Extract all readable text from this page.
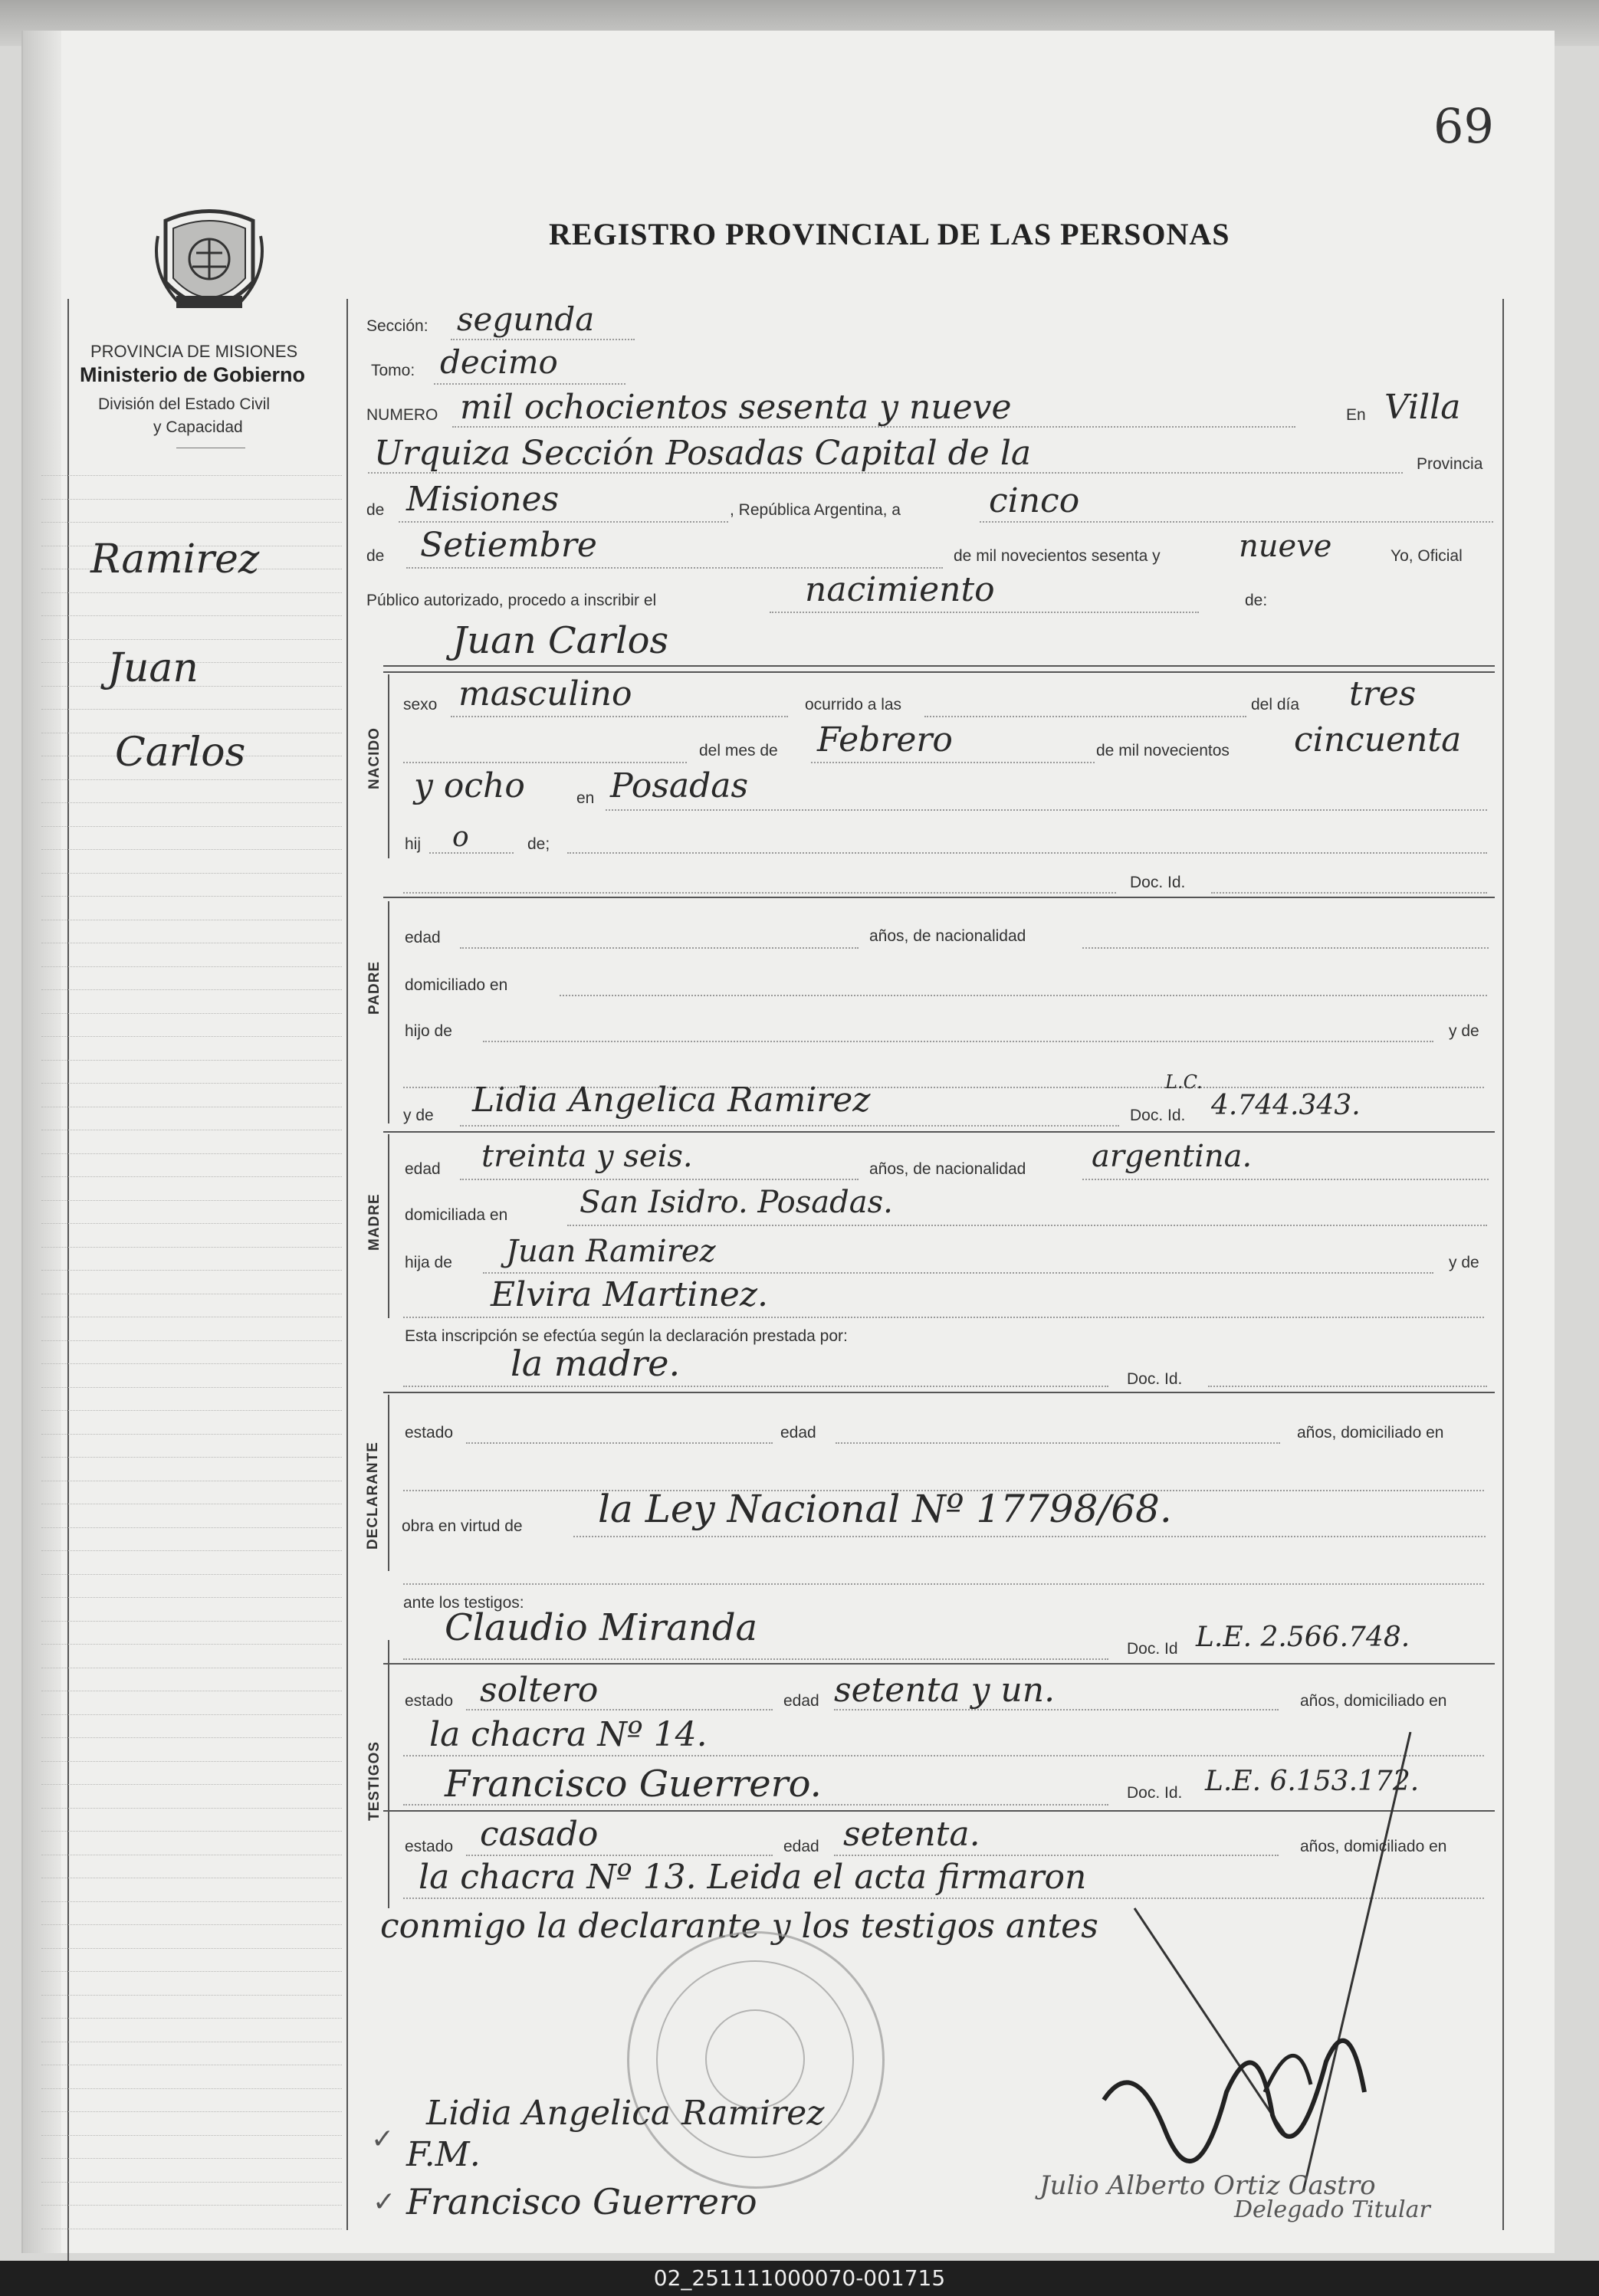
69
REGISTRO PROVINCIAL DE LAS PERSONAS
PROVINCIA DE MISIONES
Ministerio de Gobierno
División del Estado Civil
y Capacidad
Ramirez
Juan
Carlos
Sección: segunda
Tomo: decimo
NUMERO mil ochocientos sesenta y nueve	En Villa
Urquiza Sección Posadas Capital de la	Provincia
de Misiones	, República Argentina, a	cinco
de Setiembre	de mil novecientos sesenta y	nueve	Yo, Oficial
Público autorizado, procedo a inscribir el	nacimiento	de:
Juan Carlos
NACIDO
sexo masculino	ocurrido a las	del día tres
del mes de Febrero	de mil novecientos cincuenta
y ocho	en Posadas
hij o	de;
Doc. Id.
PADRE
edad	años, de nacionalidad
domiciliado en
hijo de	y de
y de Lidia Angelica Ramirez	Doc. Id.
L.C.
4.744.343.
MADRE
edad treinta y seis.	años, de nacionalidad argentina.
domiciliada en San Isidro. Posadas.
hija de Juan Ramirez	y de
Elvira Martinez.
Esta inscripción se efectúa según la declaración prestada por:
la madre.	Doc. Id.
DECLARANTE
estado	edad	años, domiciliado en
obra en virtud de la Ley Nacional Nº 17798/68.
ante los testigos:
Claudio Miranda	Doc. Id L.E. 2.566.748.
TESTIGOS
estado soltero	edad setenta y un.	años, domiciliado en
la chacra Nº 14.
Francisco Guerrero.	Doc. Id. L.E. 6.153.172.
estado casado	edad setenta.	años, domiciliado en
la chacra Nº 13. Leida el acta firmaron
conmigo la declarante y los testigos antes
Lidia Angelica Ramirez
F.M.
Francisco Guerrero	Julio Alberto Ortiz Castro
Delegado Titular
✓
✓
02_251111000070-001715
